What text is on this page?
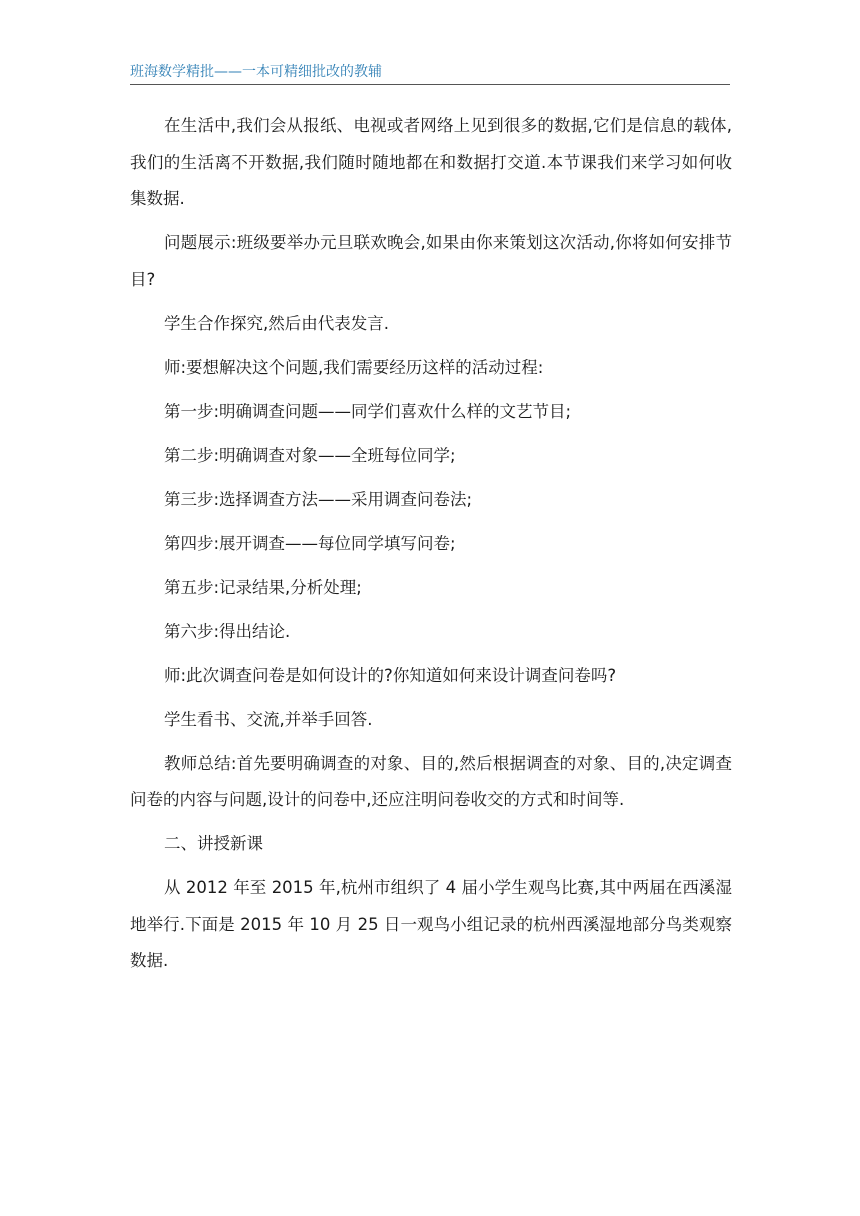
班海数学精批——一本可精细批改的教辅

在生活中,我们会从报纸、电视或者网络上见到很多的数据,它们是信息的载体,我们的生活离不开数据,我们随时随地都在和数据打交道.本节课我们来学习如何收集数据.

问题展示:班级要举办元旦联欢晚会,如果由你来策划这次活动,你将如何安排节目?

学生合作探究,然后由代表发言.

师:要想解决这个问题,我们需要经历这样的活动过程:

第一步:明确调查问题——同学们喜欢什么样的文艺节目;

第二步:明确调查对象——全班每位同学;

第三步:选择调查方法——采用调查问卷法;

第四步:展开调查——每位同学填写问卷;

第五步:记录结果,分析处理;

第六步:得出结论.

师:此次调查问卷是如何设计的?你知道如何来设计调查问卷吗?

学生看书、交流,并举手回答.

教师总结:首先要明确调查的对象、目的,然后根据调查的对象、目的,决定调查问卷的内容与问题,设计的问卷中,还应注明问卷收交的方式和时间等.

二、讲授新课

从 2012 年至 2015 年,杭州市组织了 4 届小学生观鸟比赛,其中两届在西溪湿地举行.下面是 2015 年 10 月 25 日一观鸟小组记录的杭州西溪湿地部分鸟类观察数据.
